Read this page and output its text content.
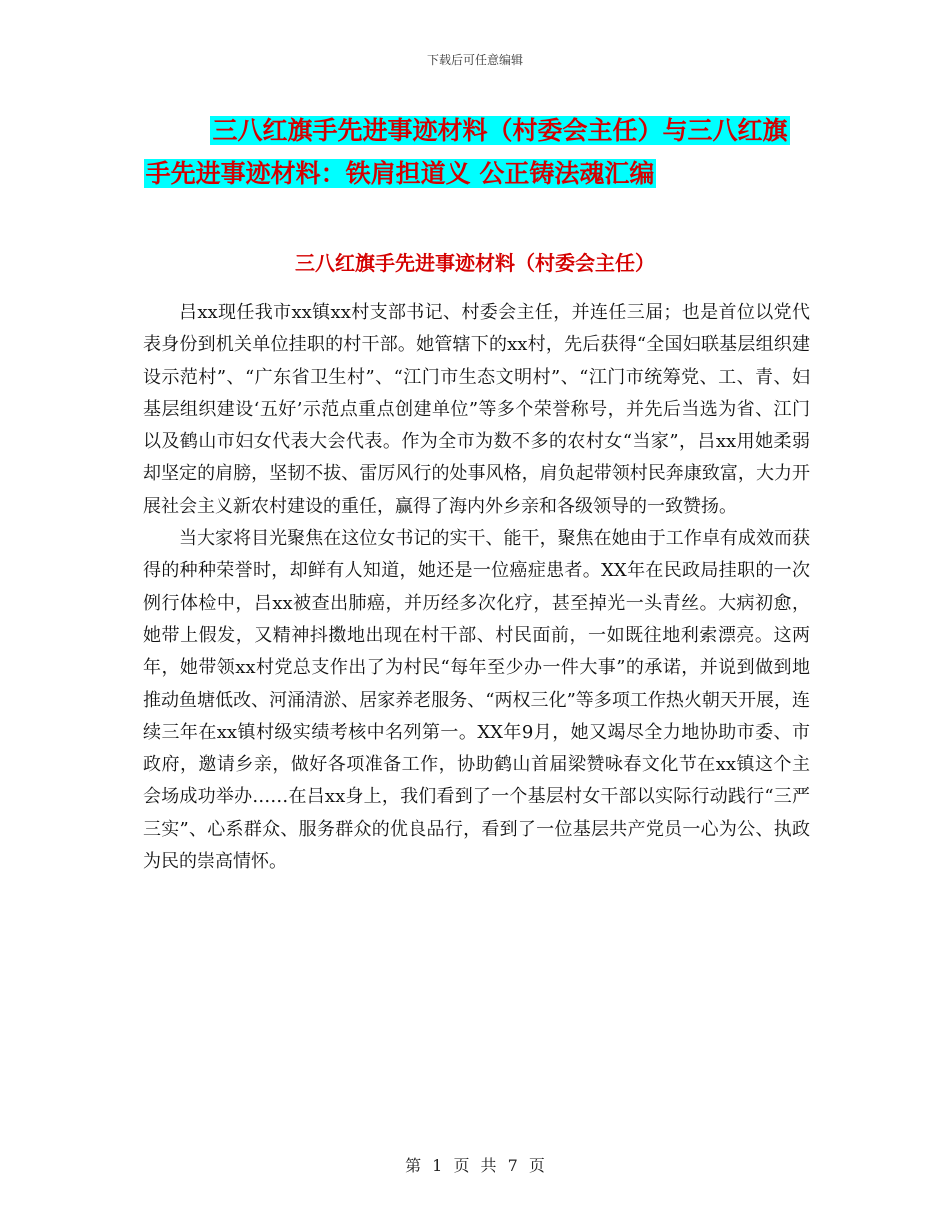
下载后可任意编辑
三八红旗手先进事迹材料（村委会主任）与三八红旗
手先进事迹材料：铁肩担道义 公正铸法魂汇编
三八红旗手先进事迹材料（村委会主任）

吕xx现任我市xx镇xx村支部书记、村委会主任，并连任三届；也是首位以党代表身份到机关单位挂职的村干部。她管辖下的xx村，先后获得“全国妇联基层组织建设示范村”、“广东省卫生村”、“江门市生态文明村”、“江门市统筹党、工、青、妇基层组织建设‘五好’示范点重点创建单位”等多个荣誉称号，并先后当选为省、江门以及鹤山市妇女代表大会代表。作为全市为数不多的农村女“当家”，吕xx用她柔弱却坚定的肩膀，坚韧不拔、雷厉风行的处事风格，肩负起带领村民奔康致富，大力开展社会主义新农村建设的重任，赢得了海内外乡亲和各级领导的一致赞扬。

当大家将目光聚焦在这位女书记的实干、能干，聚焦在她由于工作卓有成效而获得的种种荣誉时，却鲜有人知道，她还是一位癌症患者。XX年在民政局挂职的一次例行体检中，吕xx被查出肺癌，并历经多次化疗，甚至掉光一头青丝。大病初愈，她带上假发，又精神抖擞地出现在村干部、村民面前，一如既往地利索漂亮。这两年，她带领xx村党总支作出了为村民“每年至少办一件大事”的承诺，并说到做到地推动鱼塘低改、河涌清淤、居家养老服务、“两权三化”等多项工作热火朝天开展，连续三年在xx镇村级实绩考核中名列第一。XX年9月，她又竭尽全力地协助市委、市政府，邀请乡亲，做好各项准备工作，协助鹤山首届梁赞咏春文化节在xx镇这个主会场成功举办……在吕xx身上，我们看到了一个基层村女干部以实际行动践行“三严三实”、心系群众、服务群众的优良品行，看到了一位基层共产党员一心为公、执政为民的崇高情怀。

第 1 页 共 7 页
